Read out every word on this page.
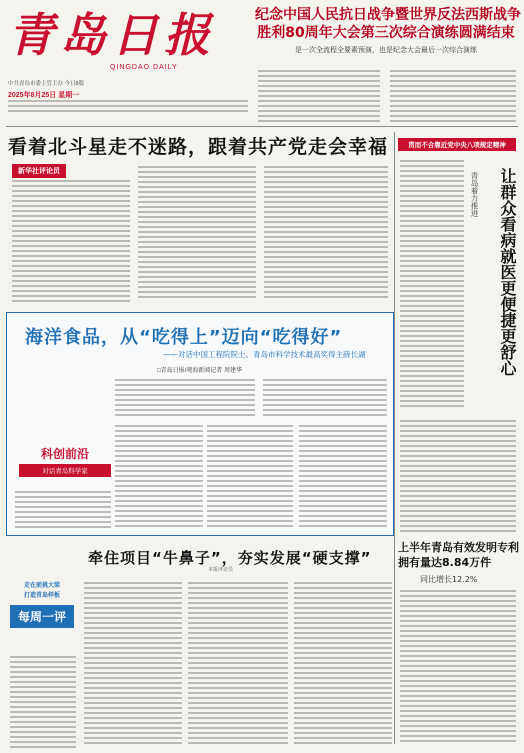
青岛日报
QINGDAO DAILY
中共青岛市委主管主办 今日8版
2025年8月25日 星期一
纪念中国人民抗日战争暨世界反法西斯战争
胜利80周年大会第三次综合演练圆满结束
是一次全流程全要素预演，也是纪念大会最后一次综合演练
看着北斗星走不迷路，跟着共产党走会幸福
新华社评论员
贯而不合靠近党中央八项规定精神
让群众看病就医更便捷更舒心
青岛着力推进
海洋食品，从“吃得上”迈向“吃得好”
——对话中国工程院院士、青岛市科学技术最高奖得主薛长湖
□青岛日报/观海新闻记者 周建华
科创前沿
对话青岛科学家
上半年青岛有效发明专利拥有量达8.84万件
同比增长12.2%
牵住项目“牛鼻子”，夯实发展“硬支撑”
本报评论员
走在前挑大梁
打造青岛样板
每周一评
